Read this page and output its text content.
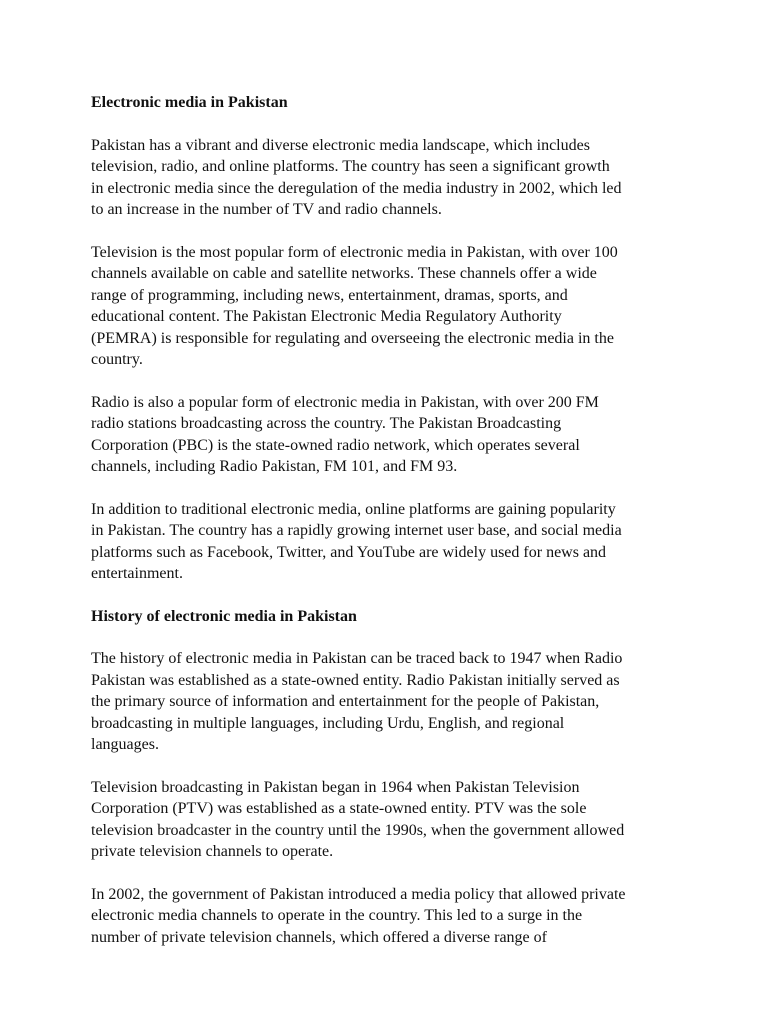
Electronic media in Pakistan
Pakistan has a vibrant and diverse electronic media landscape, which includes
television, radio, and online platforms. The country has seen a significant growth
in electronic media since the deregulation of the media industry in 2002, which led
to an increase in the number of TV and radio channels.
Television is the most popular form of electronic media in Pakistan, with over 100
channels available on cable and satellite networks. These channels offer a wide
range of programming, including news, entertainment, dramas, sports, and
educational content. The Pakistan Electronic Media Regulatory Authority
(PEMRA) is responsible for regulating and overseeing the electronic media in the
country.
Radio is also a popular form of electronic media in Pakistan, with over 200 FM
radio stations broadcasting across the country. The Pakistan Broadcasting
Corporation (PBC) is the state-owned radio network, which operates several
channels, including Radio Pakistan, FM 101, and FM 93.
In addition to traditional electronic media, online platforms are gaining popularity
in Pakistan. The country has a rapidly growing internet user base, and social media
platforms such as Facebook, Twitter, and YouTube are widely used for news and
entertainment.
History of electronic media in Pakistan
The history of electronic media in Pakistan can be traced back to 1947 when Radio
Pakistan was established as a state-owned entity. Radio Pakistan initially served as
the primary source of information and entertainment for the people of Pakistan,
broadcasting in multiple languages, including Urdu, English, and regional
languages.
Television broadcasting in Pakistan began in 1964 when Pakistan Television
Corporation (PTV) was established as a state-owned entity. PTV was the sole
television broadcaster in the country until the 1990s, when the government allowed
private television channels to operate.
In 2002, the government of Pakistan introduced a media policy that allowed private
electronic media channels to operate in the country. This led to a surge in the
number of private television channels, which offered a diverse range of
